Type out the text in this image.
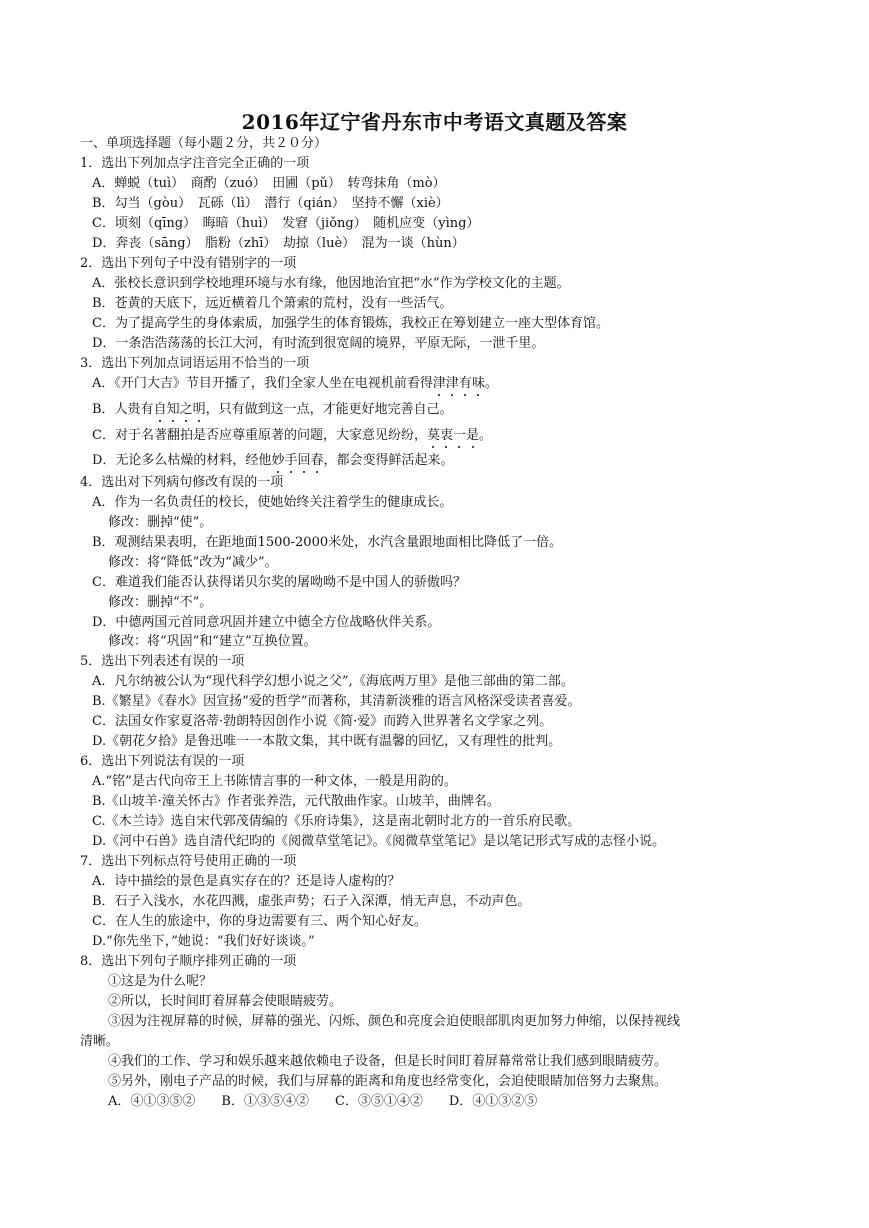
2016年辽宁省丹东市中考语文真题及答案
一、单项选择题（每小题２分，共２０分）
1．选出下列加点字注音完全正确的一项
A．蝉蜕（tuì）　商酌（zuó）　田圃（pǔ）　转弯抹角（mò）
B．勾当（gòu）　瓦砾（lì）　潜行（qián）　坚持不懈（xiè）
C．顷刻（qīng）　晦暗（huì）　发窘（jiǒng）　随机应变（yìng）
D．奔丧（sāng）　脂粉（zhī）　劫掠（luè）　混为一谈（hùn）
2．选出下列句子中没有错别字的一项
A．张校长意识到学校地理环境与水有缘，他因地治宜把“水”作为学校文化的主题。
B．苍黄的天底下，远近横着几个箫索的荒村，没有一些活气。
C．为了提高学生的身体索质，加强学生的体育锻炼，我校正在筹划建立一座大型体育馆。
D．一条浩浩荡荡的长江大河，有时流到很宽阔的境界，平原无际，一泄千里。
3．选出下列加点词语运用不恰当的一项
A．《开门大吉》节目开播了，我们全家人坐在电视机前看得津津有味。
B．人贵有自知之明，只有做到这一点，才能更好地完善自己。
C．对于名著翻拍是否应尊重原著的问题，大家意见纷纷，莫衷一是。
D．无论多么枯燥的材料，经他妙手回春，都会变得鲜活起来。
4．选出对下列病句修改有误的一项
A．作为一名负责任的校长，使她始终关注着学生的健康成长。
修改：删掉“使”。
B．观测结果表明，在距地面1500-2000米处，水汽含量跟地面相比降低了一倍。
修改：将“降低”改为“减少”。
C．难道我们能否认获得诺贝尔奖的屠呦呦不是中国人的骄傲吗？
修改：删掉“不”。
D．中德两国元首同意巩固并建立中德全方位战略伙伴关系。
修改：将“巩固”和“建立”互换位置。
5．选出下列表述有误的一项
A．凡尔纳被公认为“现代科学幻想小说之父”,《海底两万里》是他三部曲的第二部。
B.《繁星》《春水》因宣扬“爱的哲学”而著称，其清新淡雅的语言风格深受读者喜爱。
C．法国女作家夏洛蒂·勃朗特因创作小说《简·爱》而跨入世界著名文学家之列。
D.《朝花夕拾》是鲁迅唯一一本散文集，其中既有温馨的回忆，又有理性的批判。
6．选出下列说法有误的一项
A.“铭”是古代向帝王上书陈情言事的一种文体，一般是用韵的。
B.《山坡羊·潼关怀古》作者张养浩，元代散曲作家。山坡羊，曲牌名。
C.《木兰诗》选自宋代郭茂倩编的《乐府诗集》，这是南北朝时北方的一首乐府民歌。
D.《河中石兽》选自清代纪昀的《阅微草堂笔记》。《阅微草堂笔记》是以笔记形式写成的志怪小说。
7．选出下列标点符号使用正确的一项
A．诗中描绘的景色是真实存在的？还是诗人虚构的？
B．石子入浅水，水花四溅，虚张声势；石子入深潭，悄无声息，不动声色。
C．在人生的旅途中，你的身边需要有三、两个知心好友。
D.“你先坐下，”她说：“我们好好谈谈。”
8．选出下列句子顺序排列正确的一项
①这是为什么呢？
②所以，长时间盯着屏幕会使眼睛疲劳。
③因为注视屏幕的时候，屏幕的强光、闪烁、颜色和亮度会迫使眼部肌肉更加努力伸缩，以保持视线
清晰。
④我们的工作、学习和娱乐越来越依赖电子设备，但是长时间盯着屏幕常常让我们感到眼睛疲劳。
⑤另外，刚电子产品的时候，我们与屏幕的距离和角度也经常变化，会迫使眼睛加倍努力去聚焦。
A．④①③⑤②　　B．①③⑤④②　　C．③⑤①④②　　D．④①③②⑤
